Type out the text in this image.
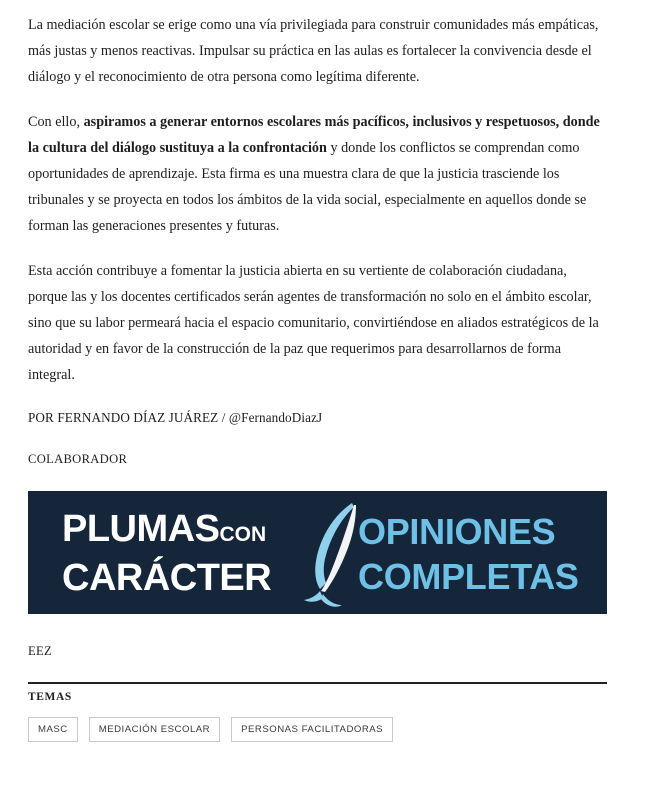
La mediación escolar se erige como una vía privilegiada para construir comunidades más empáticas, más justas y menos reactivas. Impulsar su práctica en las aulas es fortalecer la convivencia desde el diálogo y el reconocimiento de otra persona como legítima diferente.

Con ello, aspiramos a generar entornos escolares más pacíficos, inclusivos y respetuosos, donde la cultura del diálogo sustituya a la confrontación y donde los conflictos se comprendan como oportunidades de aprendizaje. Esta firma es una muestra clara de que la justicia trasciende los tribunales y se proyecta en todos los ámbitos de la vida social, especialmente en aquellos donde se forman las generaciones presentes y futuras.

Esta acción contribuye a fomentar la justicia abierta en su vertiente de colaboración ciudadana, porque las y los docentes certificados serán agentes de transformación no solo en el ámbito escolar, sino que su labor permeará hacia el espacio comunitario, convirtiéndose en aliados estratégicos de la autoridad y en favor de la construcción de la paz que requerimos para desarrollarnos de forma integral.

POR FERNANDO DÍAZ JUÁREZ / @FernandoDiazJ

COLABORADOR

PLUMASCON
CARÁCTER
OPINIONES
COMPLETAS

EEZ

TEMAS
MASC	MEDIACIÓN ESCOLAR	PERSONAS FACILITADORAS
